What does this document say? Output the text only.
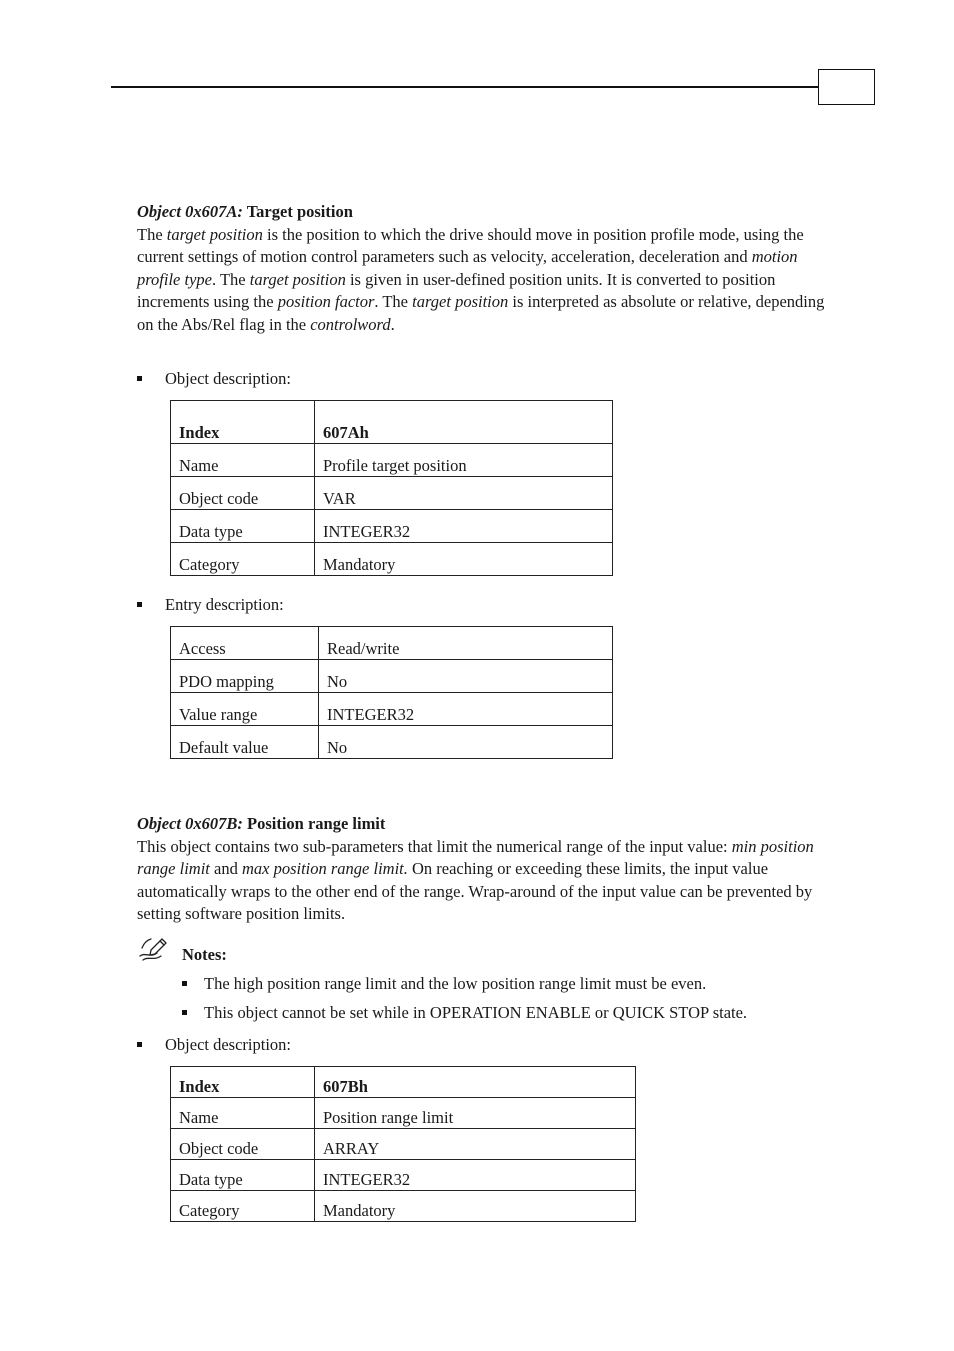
Object 0x607A: Target position

The target position is the position to which the drive should move in position profile mode, using the current settings of motion control parameters such as velocity, acceleration, deceleration and motion profile type. The target position is given in user-defined position units. It is converted to position increments using the position factor. The target position is interpreted as absolute or relative, depending on the Abs/Rel flag in the controlword.

Object description:
Index	607Ah
Name	Profile target position
Object code	VAR
Data type	INTEGER32
Category	Mandatory
Entry description:
Access	Read/write
PDO mapping	No
Value range	INTEGER32
Default value	No

Object 0x607B: Position range limit

This object contains two sub-parameters that limit the numerical range of the input value: min position range limit and max position range limit. On reaching or exceeding these limits, the input value automatically wraps to the other end of the range. Wrap-around of the input value can be prevented by setting software position limits.

Notes:
The high position range limit and the low position range limit must be even.
This object cannot be set while in OPERATION ENABLE or QUICK STOP state.
Object description:
Index	607Bh
Name	Position range limit
Object code	ARRAY
Data type	INTEGER32
Category	Mandatory
